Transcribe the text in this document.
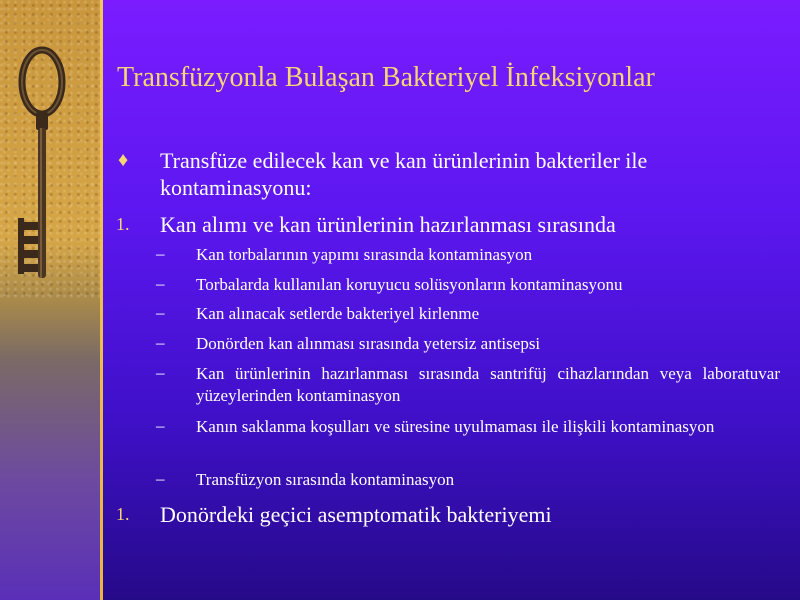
Transfüzyonla Bulaşan Bakteriyel İnfeksiyonlar
♦ Transfüze edilecek kan ve kan ürünlerinin bakteriler ile kontaminasyonu:
1. Kan alımı ve kan ürünlerinin hazırlanması sırasında
– Kan torbalarının yapımı sırasında kontaminasyon
– Torbalarda kullanılan koruyucu solüsyonların kontaminasyonu
– Kan alınacak setlerde bakteriyel kirlenme
– Donörden kan alınması sırasında yetersiz antisepsi
– Kan ürünlerinin hazırlanması sırasında santrifüj cihazlarından veya laboratuvar yüzeylerinden kontaminasyon
– Kanın saklanma koşulları ve süresine uyulmaması ile ilişkili kontaminasyon
– Transfüzyon sırasında kontaminasyon
1. Donördeki geçici asemptomatik bakteriyemi
